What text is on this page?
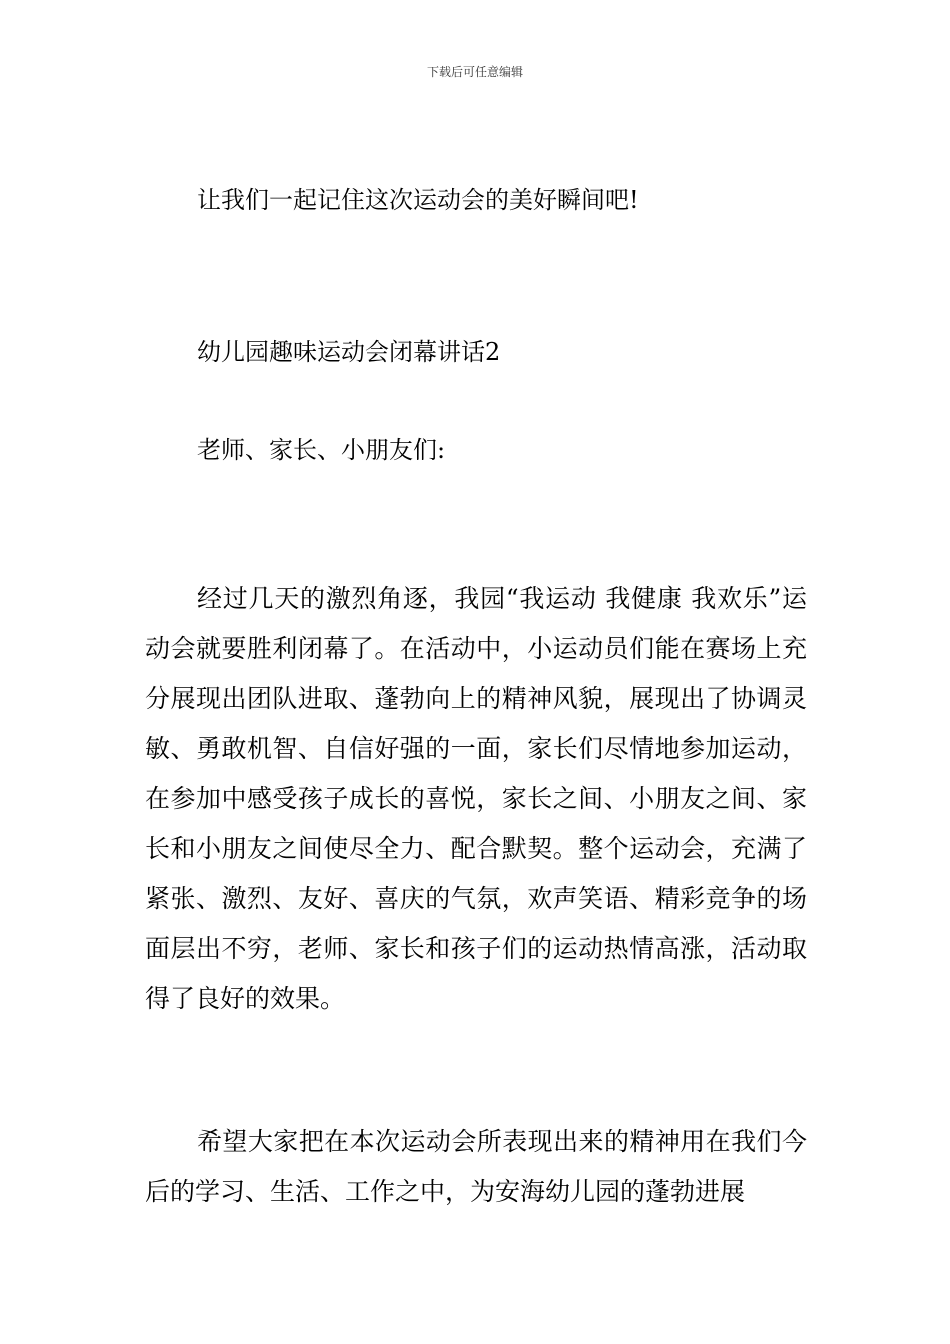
下载后可任意编辑
让我们一起记住这次运动会的美好瞬间吧!
幼儿园趣味运动会闭幕讲话2
老师、家长、小朋友们:

经过几天的激烈角逐，我园“我运动 我健康 我欢乐”运动会就要胜利闭幕了。在活动中，小运动员们能在赛场上充分展现出团队进取、蓬勃向上的精神风貌，展现出了协调灵敏、勇敢机智、自信好强的一面，家长们尽情地参加运动，在参加中感受孩子成长的喜悦，家长之间、小朋友之间、家长和小朋友之间使尽全力、配合默契。整个运动会，充满了紧张、激烈、友好、喜庆的气氛，欢声笑语、精彩竞争的场面层出不穷，老师、家长和孩子们的运动热情高涨，活动取得了良好的效果。

希望大家把在本次运动会所表现出来的精神用在我们今后的学习、生活、工作之中，为安海幼儿园的蓬勃进展
